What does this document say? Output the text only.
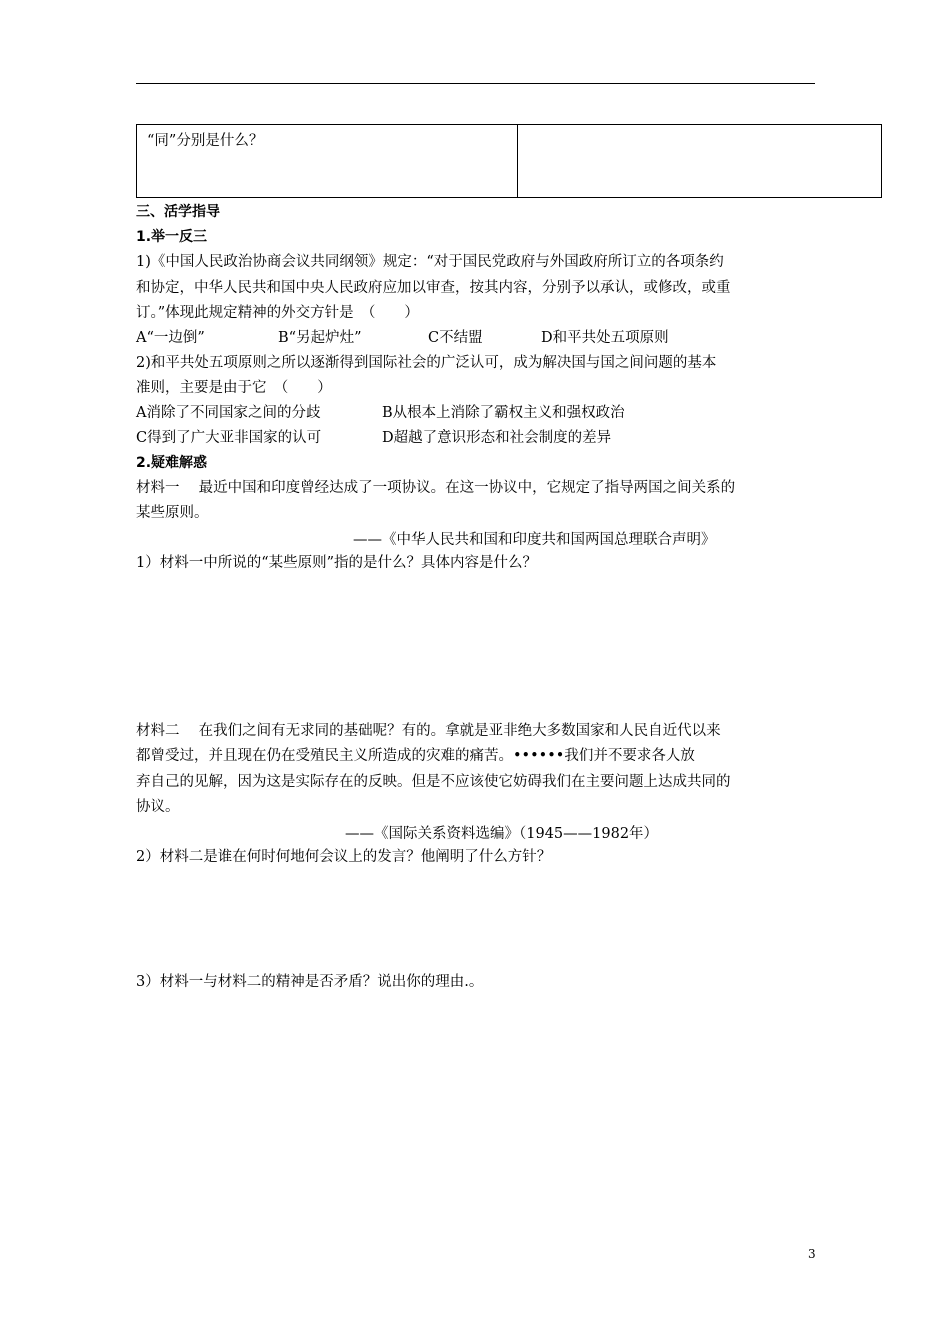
“同”分别是什么？
三、活学指导
1.举一反三
1)《中国人民政治协商会议共同纲领》规定：“对于国民党政府与外国政府所订立的各项条约
和协定，中华人民共和国中央人民政府应加以审查，按其内容，分别予以承认，或修改，或重
订。”体现此规定精神的外交方针是　（　　）
A“一边倒”	B“另起炉灶”	C不结盟	D和平共处五项原则
2)和平共处五项原则之所以逐渐得到国际社会的广泛认可，成为解决国与国之间问题的基本
准则，主要是由于它　（　　）
A消除了不同国家之间的分歧	B从根本上消除了霸权主义和强权政治
C得到了广大亚非国家的认可	D超越了意识形态和社会制度的差异
2.疑难解惑
材料一　 最近中国和印度曾经达成了一项协议。在这一协议中，它规定了指导两国之间关系的
某些原则。
——《中华人民共和国和印度共和国两国总理联合声明》
1）材料一中所说的“某些原则”指的是什么？具体内容是什么？
材料二　 在我们之间有无求同的基础呢？有的。拿就是亚非绝大多数国家和人民自近代以来
都曾受过，并且现在仍在受殖民主义所造成的灾难的痛苦。••••••我们并不要求各人放
弃自己的见解，因为这是实际存在的反映。但是不应该使它妨碍我们在主要问题上达成共同的
协议。
——《国际关系资料选编》（1945——1982年）
2）材料二是谁在何时何地何会议上的发言？他阐明了什么方针？
3）材料一与材料二的精神是否矛盾？说出你的理由.。
3
